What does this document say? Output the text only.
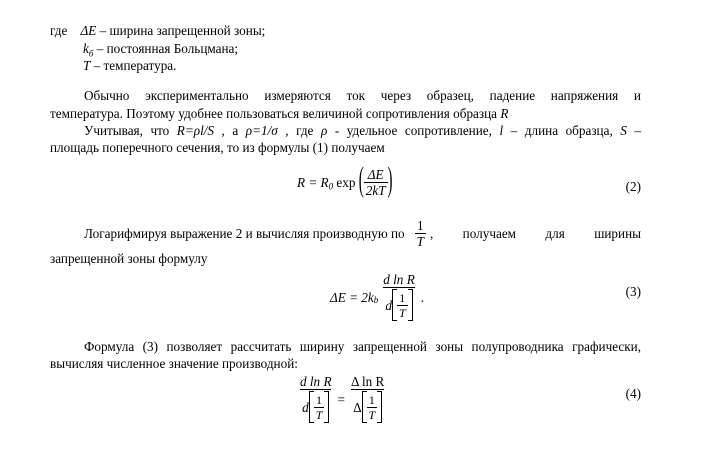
где ΔE – ширина запрещенной зоны;
$k_б$ – постоянная Больцмана;
T – температура.
Обычно экспериментально измеряются ток через образец, падение напряжения и
температура. Поэтому удобнее пользоваться величиной сопротивления образца R
Учитывая, что R=ρl/S , а ρ=1/σ , где ρ - удельное сопротивление, l – длина образца, S –
площадь поперечного сечения, то из формулы (1) получаем
$R = R_0$ exp ( $\frac{\Delta E}{2kT}$ )	(2)
Логарифмируя выражение 2 и вычисляя производную по $\frac{1}{T}$ , получаем для ширины
запрещенной зоны формулу
$\Delta E = 2k_b \frac{\text{d ln R}}{d \frac{1}{T}}$ .	(3)
Формула (3) позволяет рассчитать ширину запрещенной зоны полупроводника графически,
вычисляя численное значение производной:
$\frac{\text{d ln R}}{d \frac{1}{T}} = \frac{\text{Δ ln R}}{\Delta \frac{1}{T}}$	(4)
